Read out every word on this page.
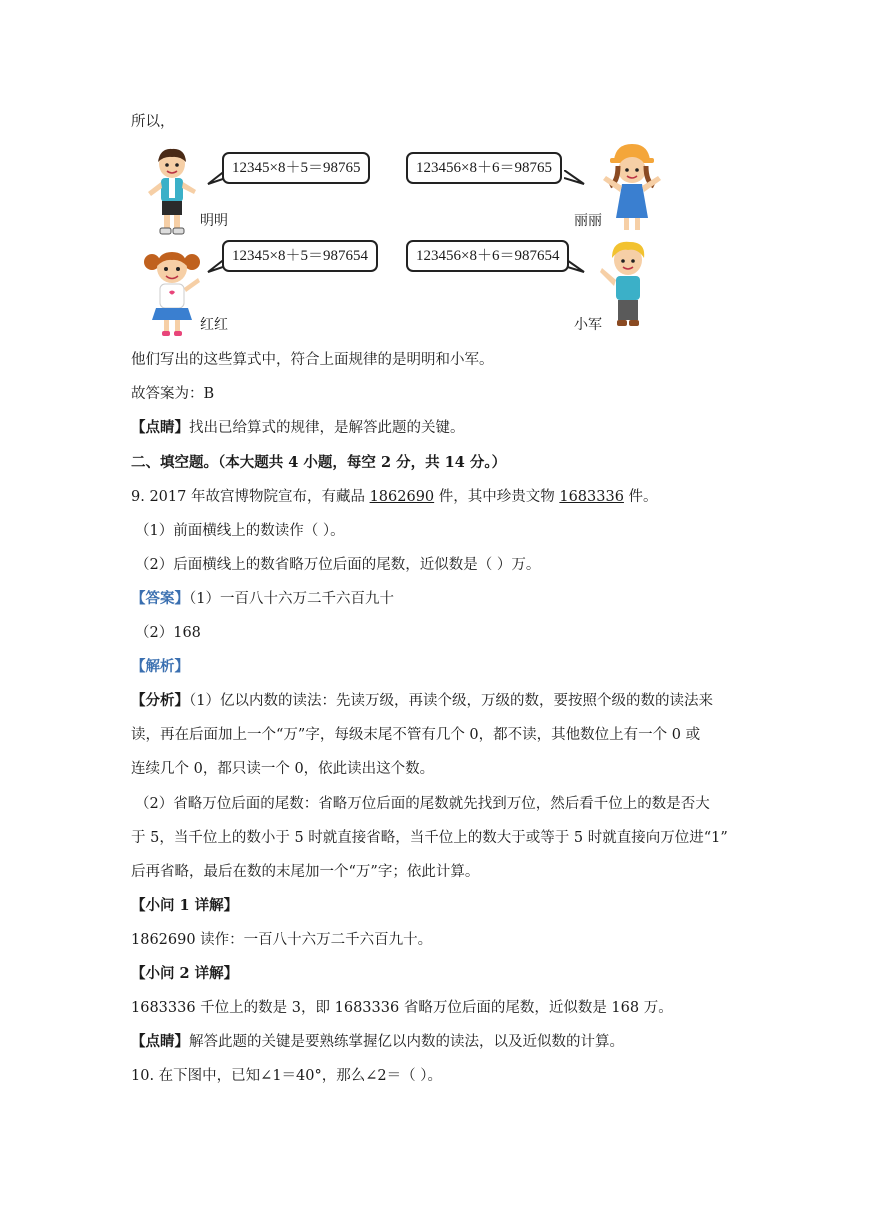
所以，
12345×8＋5＝98765	123456×8＋6＝98765
12345×8＋5＝987654	123456×8＋6＝987654
明明	丽丽
红红	小军
他们写出的这些算式中，符合上面规律的是明明和小军。
故答案为：B
【点睛】找出已给算式的规律，是解答此题的关键。
二、填空题。（本大题共 4 小题，每空 2 分，共 14 分。）
9. 2017 年故宫博物院宣布，有藏品 1862690 件，其中珍贵文物 1683336 件。
（1）前面横线上的数读作（ ）。
（2）后面横线上的数省略万位后面的尾数，近似数是（ ）万。
【答案】（1）一百八十六万二千六百九十
（2）168
【解析】
【分析】（1）亿以内数的读法：先读万级，再读个级，万级的数，要按照个级的数的读法来
读，再在后面加上一个“万”字，每级末尾不管有几个 0，都不读，其他数位上有一个 0 或
连续几个 0，都只读一个 0，依此读出这个数。
（2）省略万位后面的尾数：省略万位后面的尾数就先找到万位，然后看千位上的数是否大
于 5，当千位上的数小于 5 时就直接省略，当千位上的数大于或等于 5 时就直接向万位进“1”
后再省略，最后在数的末尾加一个“万”字；依此计算。
【小问 1 详解】
1862690 读作：一百八十六万二千六百九十。
【小问 2 详解】
1683336 千位上的数是 3，即 1683336 省略万位后面的尾数，近似数是 168 万。
【点睛】解答此题的关键是要熟练掌握亿以内数的读法，以及近似数的计算。
10. 在下图中，已知∠1＝40°，那么∠2＝（ ）。
